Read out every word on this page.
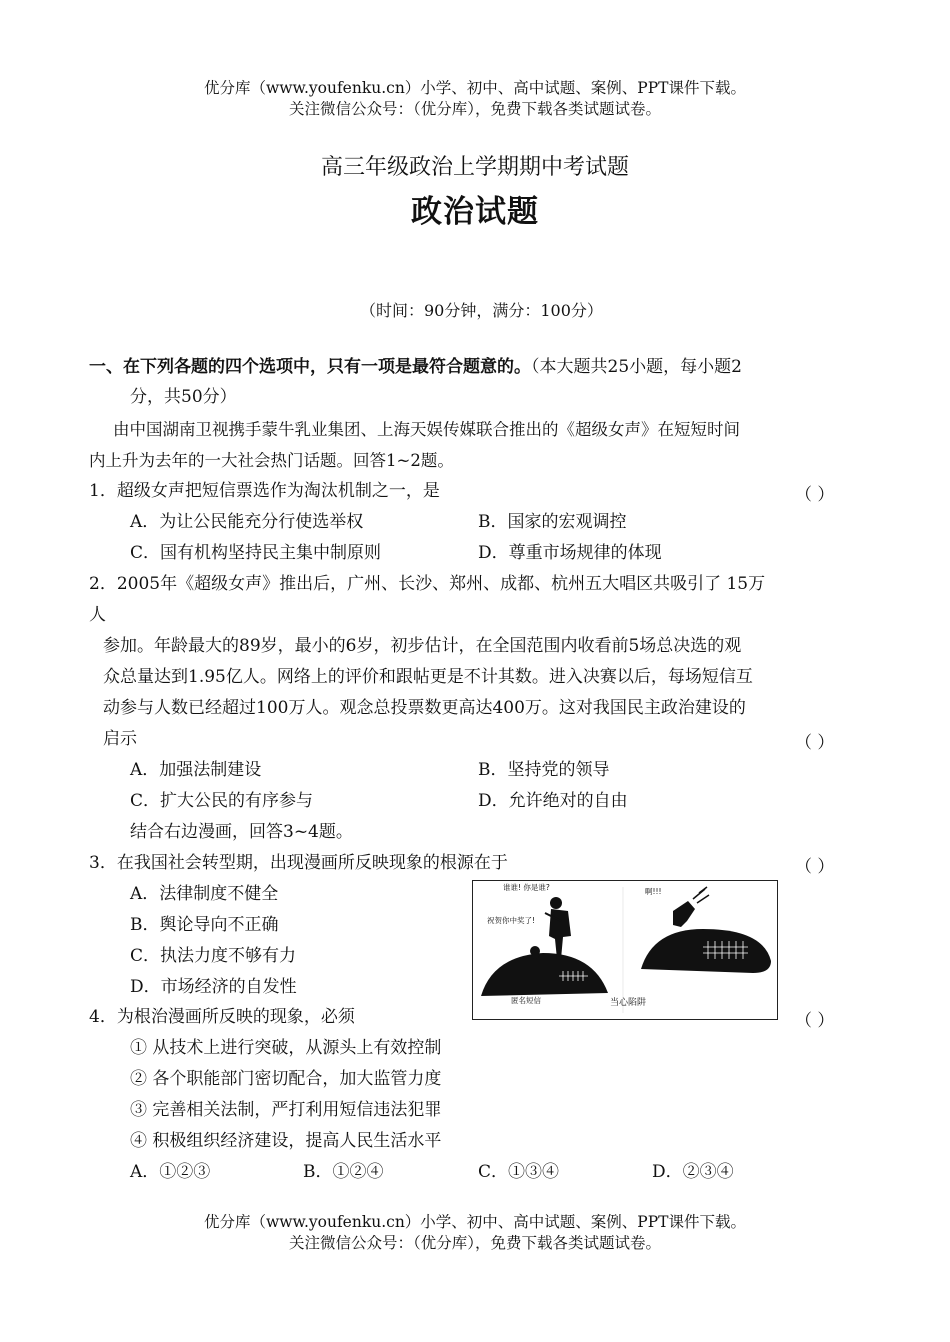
优分库（www.youfenku.cn）小学、初中、高中试题、案例、PPT课件下载。
关注微信公众号：（优分库），免费下载各类试题试卷。
高三年级政治上学期期中考试题
政治试题
（时间：90分钟，满分：100分）
一、在下列各题的四个选项中，只有一项是最符合题意的。（本大题共25小题，每小题2
分，共50分）
由中国湖南卫视携手蒙牛乳业集团、上海天娱传媒联合推出的《超级女声》在短短时间
内上升为去年的一大社会热门话题。回答1~2题。
1．超级女声把短信票选作为淘汰机制之一，是	（ ）
A．为让公民能充分行使选举权	B．国家的宏观调控
C．国有机构坚持民主集中制原则	D．尊重市场规律的体现
2．2005年《超级女声》推出后，广州、长沙、郑州、成都、杭州五大唱区共吸引了 15万
人
参加。年龄最大的89岁，最小的6岁，初步估计，在全国范围内收看前5场总决选的观
众总量达到1.95亿人。网络上的评价和跟帖更是不计其数。进入决赛以后，每场短信互
动参与人数已经超过100万人。观念总投票数更高达400万。这对我国民主政治建设的
启示	（ ）
A．加强法制建设	B．坚持党的领导
C．扩大公民的有序参与	D．允许绝对的自由
结合右边漫画，回答3~4题。
3．在我国社会转型期，出现漫画所反映现象的根源在于	（ ）
A．法律制度不健全
B．舆论导向不正确
C．执法力度不够有力
D．市场经济的自发性
谁谁! 你是谁?
祝贺你中奖了!
啊!!!
匿名短信	当心陷阱
4．为根治漫画所反映的现象，必须	（ ）
① 从技术上进行突破，从源头上有效控制
② 各个职能部门密切配合，加大监管力度
③ 完善相关法制，严打利用短信违法犯罪
④ 积极组织经济建设，提高人民生活水平
A．①②③	B．①②④	C．①③④	D．②③④
优分库（www.youfenku.cn）小学、初中、高中试题、案例、PPT课件下载。
关注微信公众号：（优分库），免费下载各类试题试卷。
